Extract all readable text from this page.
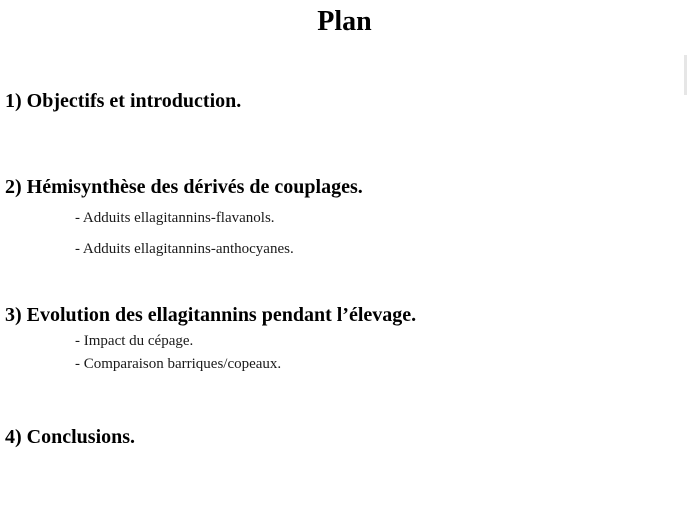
Plan
1) Objectifs et introduction.
2) Hémisynthèse des dérivés de couplages.
- Adduits ellagitannins-flavanols.
- Adduits ellagitannins-anthocyanes.
3) Evolution des ellagitannins pendant l’élevage.
- Impact du cépage.
- Comparaison barriques/copeaux.
4) Conclusions.
